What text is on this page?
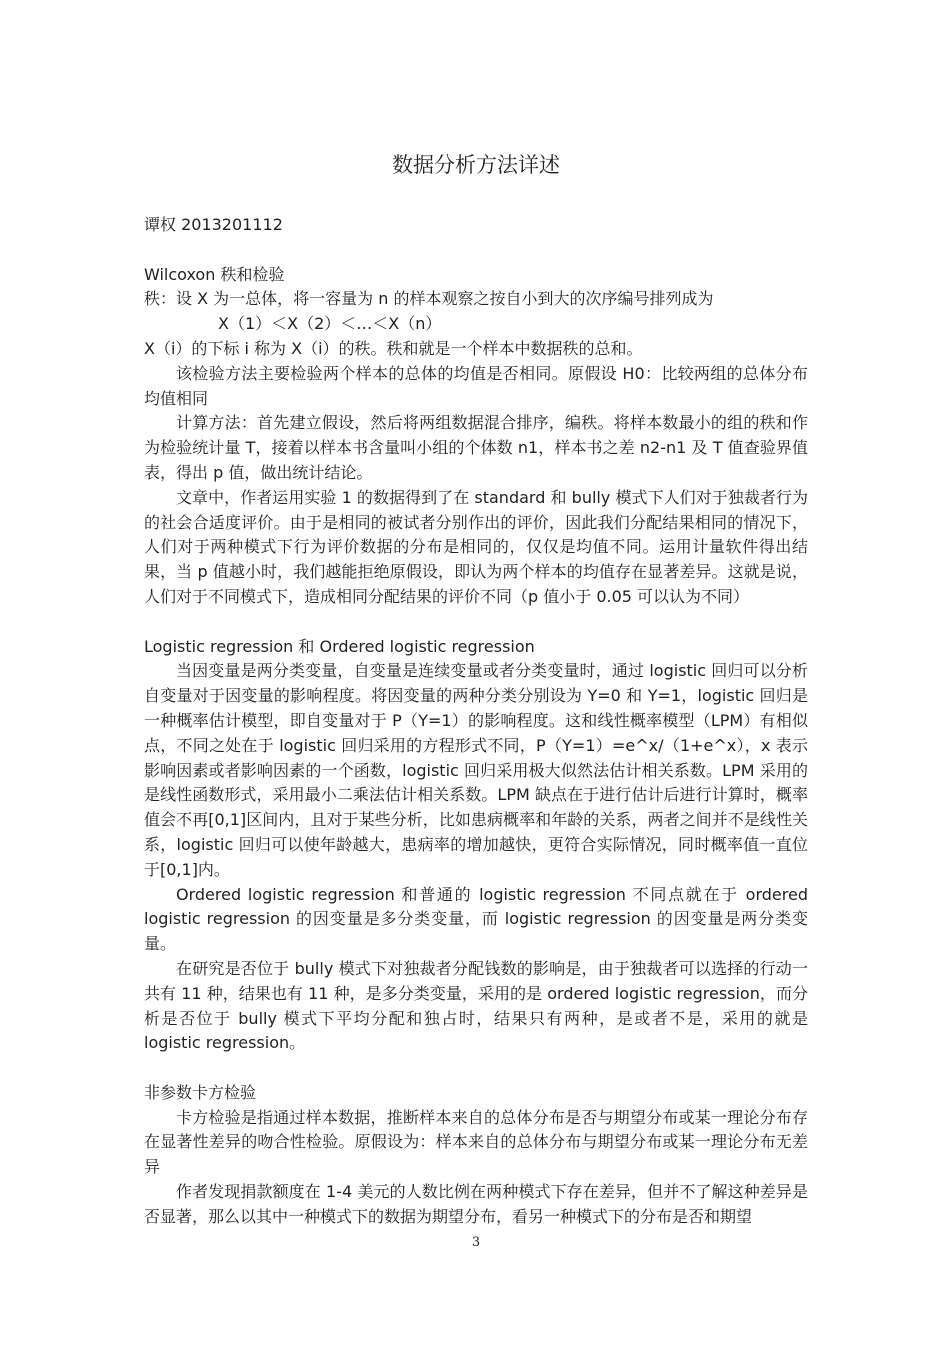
数据分析方法详述

谭权 2013201112

Wilcoxon 秩和检验

秩：设 X 为一总体，将一容量为 n 的样本观察之按自小到大的次序编号排列成为

X（1）＜X（2）＜…＜X（n）

X（i）的下标 i 称为 X（i）的秩。秩和就是一个样本中数据秩的总和。

该检验方法主要检验两个样本的总体的均值是否相同。原假设 H0：比较两组的总体分布均值相同

计算方法：首先建立假设，然后将两组数据混合排序，编秩。将样本数最小的组的秩和作为检验统计量 T，接着以样本书含量叫小组的个体数 n1，样本书之差 n2-n1 及 T 值查验界值表，得出 p 值，做出统计结论。

文章中，作者运用实验 1 的数据得到了在 standard 和 bully 模式下人们对于独裁者行为的社会合适度评价。由于是相同的被试者分别作出的评价，因此我们分配结果相同的情况下，人们对于两种模式下行为评价数据的分布是相同的，仅仅是均值不同。运用计量软件得出结果，当 p 值越小时，我们越能拒绝原假设，即认为两个样本的均值存在显著差异。这就是说，人们对于不同模式下，造成相同分配结果的评价不同（p 值小于 0.05 可以认为不同）

Logistic regression 和 Ordered logistic regression

当因变量是两分类变量，自变量是连续变量或者分类变量时，通过 logistic 回归可以分析自变量对于因变量的影响程度。将因变量的两种分类分别设为 Y=0 和 Y=1，logistic 回归是一种概率估计模型，即自变量对于 P（Y=1）的影响程度。这和线性概率模型（LPM）有相似点，不同之处在于 logistic 回归采用的方程形式不同，P（Y=1）=e^x/（1+e^x），x 表示影响因素或者影响因素的一个函数，logistic 回归采用极大似然法估计相关系数。LPM 采用的是线性函数形式，采用最小二乘法估计相关系数。LPM 缺点在于进行估计后进行计算时，概率值会不再[0,1]区间内，且对于某些分析，比如患病概率和年龄的关系，两者之间并不是线性关系，logistic 回归可以使年龄越大，患病率的增加越快，更符合实际情况，同时概率值一直位于[0,1]内。

Ordered logistic regression 和普通的 logistic regression 不同点就在于 ordered logistic regression 的因变量是多分类变量，而 logistic regression 的因变量是两分类变量。

在研究是否位于 bully 模式下对独裁者分配钱数的影响是，由于独裁者可以选择的行动一共有 11 种，结果也有 11 种，是多分类变量，采用的是 ordered logistic regression，而分析是否位于 bully 模式下平均分配和独占时，结果只有两种，是或者不是，采用的就是 logistic regression。

非参数卡方检验

卡方检验是指通过样本数据，推断样本来自的总体分布是否与期望分布或某一理论分布存在显著性差异的吻合性检验。原假设为：样本来自的总体分布与期望分布或某一理论分布无差异

作者发现捐款额度在 1-4 美元的人数比例在两种模式下存在差异，但并不了解这种差异是否显著，那么以其中一种模式下的数据为期望分布，看另一种模式下的分布是否和期望

3
